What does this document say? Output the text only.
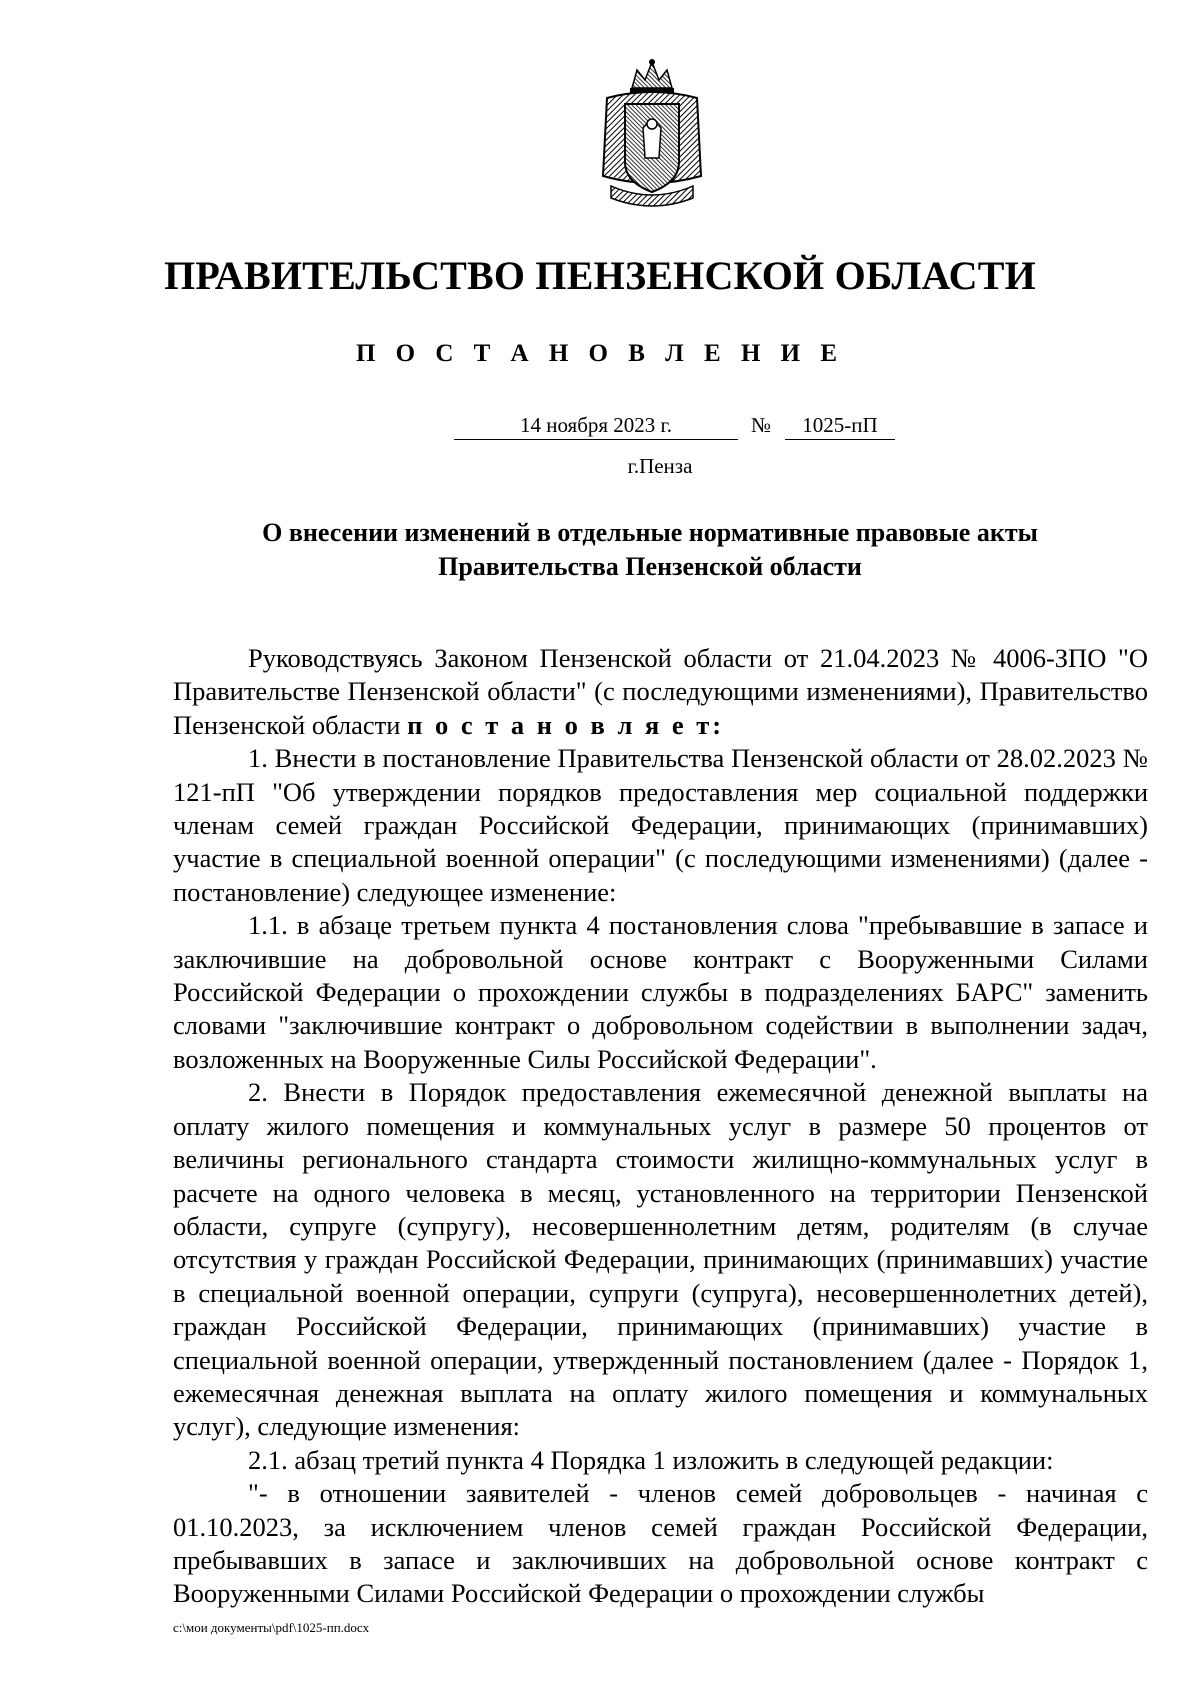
ПРАВИТЕЛЬСТВО ПЕНЗЕНСКОЙ ОБЛАСТИ
П О С Т А Н О В Л Е Н И Е
14 ноября 2023 г.	№	1025-пП
г.Пенза
О внесении изменений в отдельные нормативные правовые акты
Правительства Пензенской области

Руководствуясь Законом Пензенской области от 21.04.2023 № 4006-ЗПО "О Правительстве Пензенской области" (с последующими изменениями), Правительство Пензенской области п о с т а н о в л я е т:

1. Внести в постановление Правительства Пензенской области от 28.02.2023 № 121-пП "Об утверждении порядков предоставления мер социальной поддержки членам семей граждан Российской Федерации, принимающих (принимавших) участие в специальной военной операции" (с последующими изменениями) (далее - постановление) следующее изменение:

1.1. в абзаце третьем пункта 4 постановления слова "пребывавшие в запасе и заключившие на добровольной основе контракт с Вооруженными Силами Российской Федерации о прохождении службы в подразделениях БАРС" заменить словами "заключившие контракт о добровольном содействии в выполнении задач, возложенных на Вооруженные Силы Российской Федерации".

2. Внести в Порядок предоставления ежемесячной денежной выплаты на оплату жилого помещения и коммунальных услуг в размере 50 процентов от величины регионального стандарта стоимости жилищно-коммунальных услуг в расчете на одного человека в месяц, установленного на территории Пензенской области, супруге (супругу), несовершеннолетним детям, родителям (в случае отсутствия у граждан Российской Федерации, принимающих (принимавших) участие в специальной военной операции, супруги (супруга), несовершеннолетних детей), граждан Российской Федерации, принимающих (принимавших) участие в специальной военной операции, утвержденный постановлением (далее - Порядок 1, ежемесячная денежная выплата на оплату жилого помещения и коммунальных услуг), следующие изменения:

2.1. абзац третий пункта 4 Порядка 1 изложить в следующей редакции:

"- в отношении заявителей - членов семей добровольцев - начиная с 01.10.2023, за исключением членов семей граждан Российской Федерации, пребывавших в запасе и заключивших на добровольной основе контракт с Вооруженными Силами Российской Федерации о прохождении службы

c:\мои документы\pdf\1025-пп.docx
